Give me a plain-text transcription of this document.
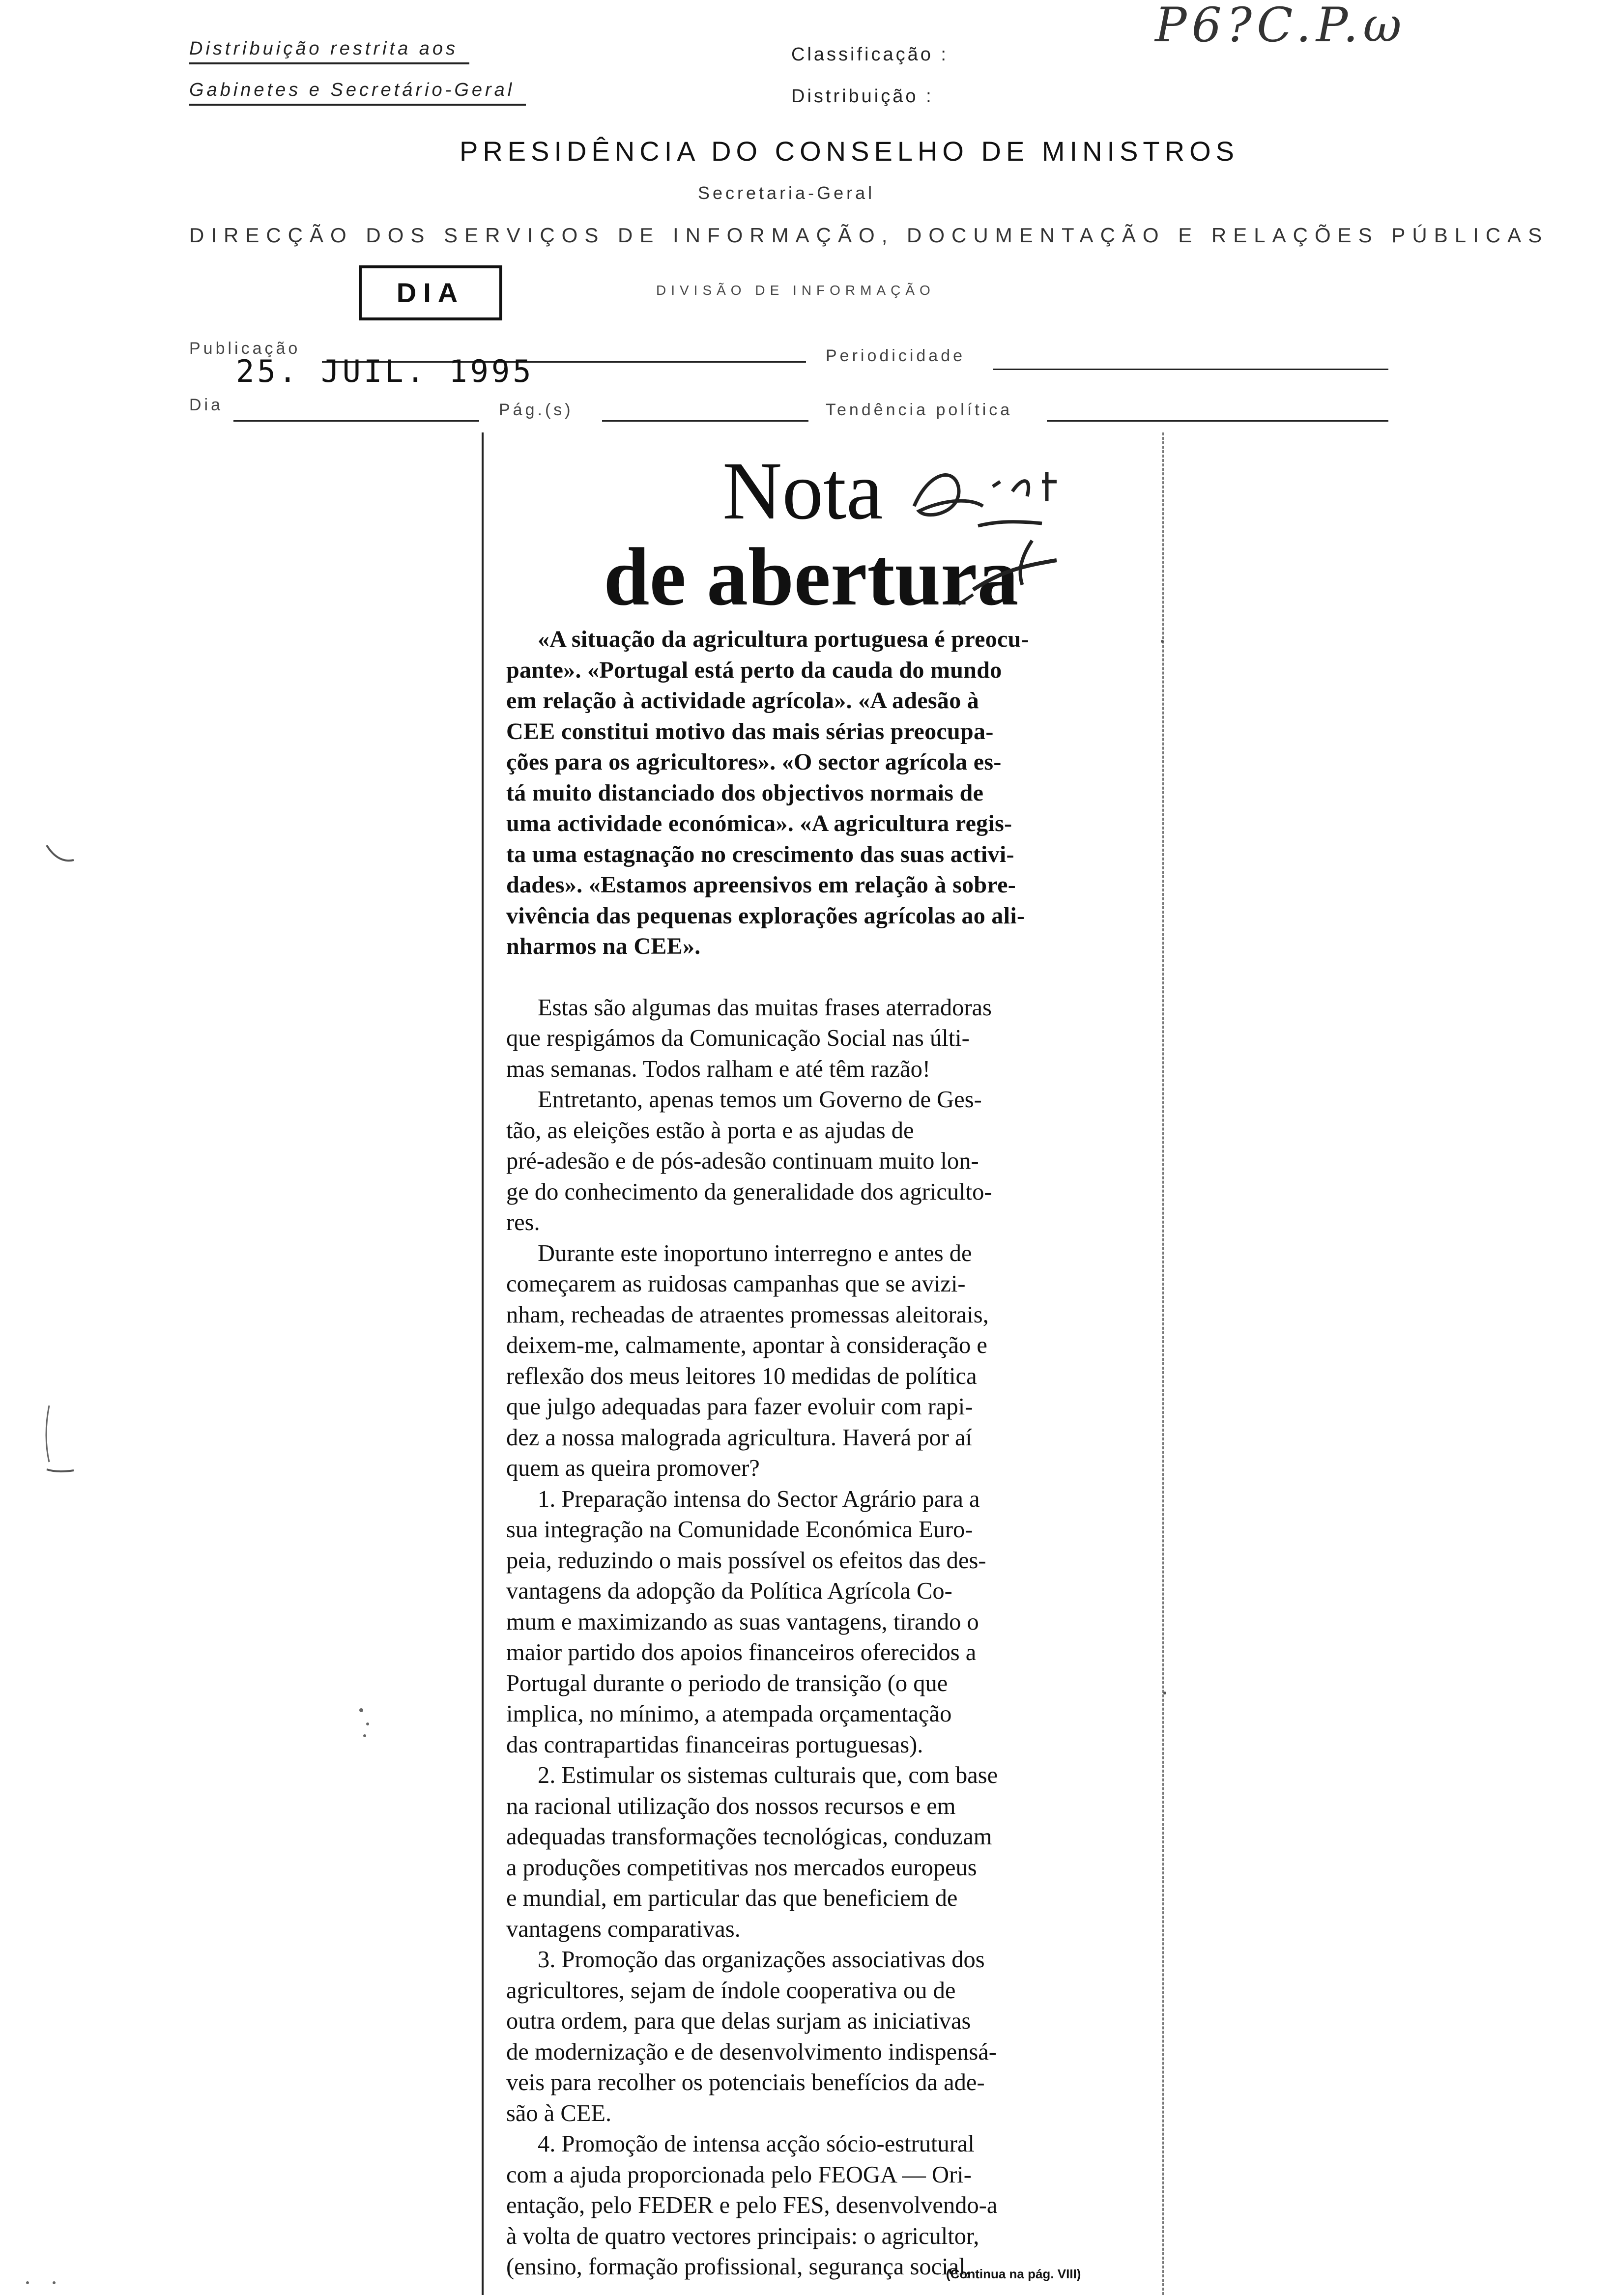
Distribuição restrita aos
Gabinetes e Secretário-Geral
Classificação :
Distribuição :
P6?C.P.ω
PRESIDÊNCIA DO CONSELHO DE MINISTROS
Secretaria-Geral
DIRECÇÃO DOS SERVIÇOS DE INFORMAÇÃO, DOCUMENTAÇÃO E RELAÇÕES PÚBLICAS
DIA	DIVISÃO DE INFORMAÇÃO
Publicação
25. JUIL. 1995	Periodicidade
Dia	Pág.(s)	Tendência política
Nota
de abertura

«A situação da agricultura portuguesa é preocu-
pante». «Portugal está perto da cauda do mundo
em relação à actividade agrícola». «A adesão à
CEE constitui motivo das mais sérias preocupa-
ções para os agricultores». «O sector agrícola es-
tá muito distanciado dos objectivos normais de
uma actividade económica». «A agricultura regis-
ta uma estagnação no crescimento das suas activi-
dades». «Estamos apreensivos em relação à sobre-
vivência das pequenas explorações agrícolas ao ali-
nharmos na CEE».

Estas são algumas das muitas frases aterradoras
que respigámos da Comunicação Social nas últi-
mas semanas. Todos ralham e até têm razão!

Entretanto, apenas temos um Governo de Ges-
tão, as eleições estão à porta e as ajudas de
pré-adesão e de pós-adesão continuam muito lon-
ge do conhecimento da generalidade dos agriculto-
res.

Durante este inoportuno interregno e antes de
começarem as ruidosas campanhas que se avizi-
nham, recheadas de atraentes promessas aleitorais,
deixem-me, calmamente, apontar à consideração e
reflexão dos meus leitores 10 medidas de política
que julgo adequadas para fazer evoluir com rapi-
dez a nossa malograda agricultura. Haverá por aí
quem as queira promover?

1. Preparação intensa do Sector Agrário para a
sua integração na Comunidade Económica Euro-
peia, reduzindo o mais possível os efeitos das des-
vantagens da adopção da Política Agrícola Co-
mum e maximizando as suas vantagens, tirando o
maior partido dos apoios financeiros oferecidos a
Portugal durante o periodo de transição (o que
implica, no mínimo, a atempada orçamentação
das contrapartidas financeiras portuguesas).

2. Estimular os sistemas culturais que, com base
na racional utilização dos nossos recursos e em
adequadas transformações tecnológicas, conduzam
a produções competitivas nos mercados europeus
e mundial, em particular das que beneficiem de
vantagens comparativas.

3. Promoção das organizações associativas dos
agricultores, sejam de índole cooperativa ou de
outra ordem, para que delas surjam as iniciativas
de modernização e de desenvolvimento indispensá-
veis para recolher os potenciais benefícios da ade-
são à CEE.

4. Promoção de intensa acção sócio-estrutural
com a ajuda proporcionada pelo FEOGA — Ori-
entação, pelo FEDER e pelo FES, desenvolvendo-a
à volta de quatro vectores principais: o agricultor,
(ensino, formação profissional, segurança social,

(Continua na pág. VIII)
